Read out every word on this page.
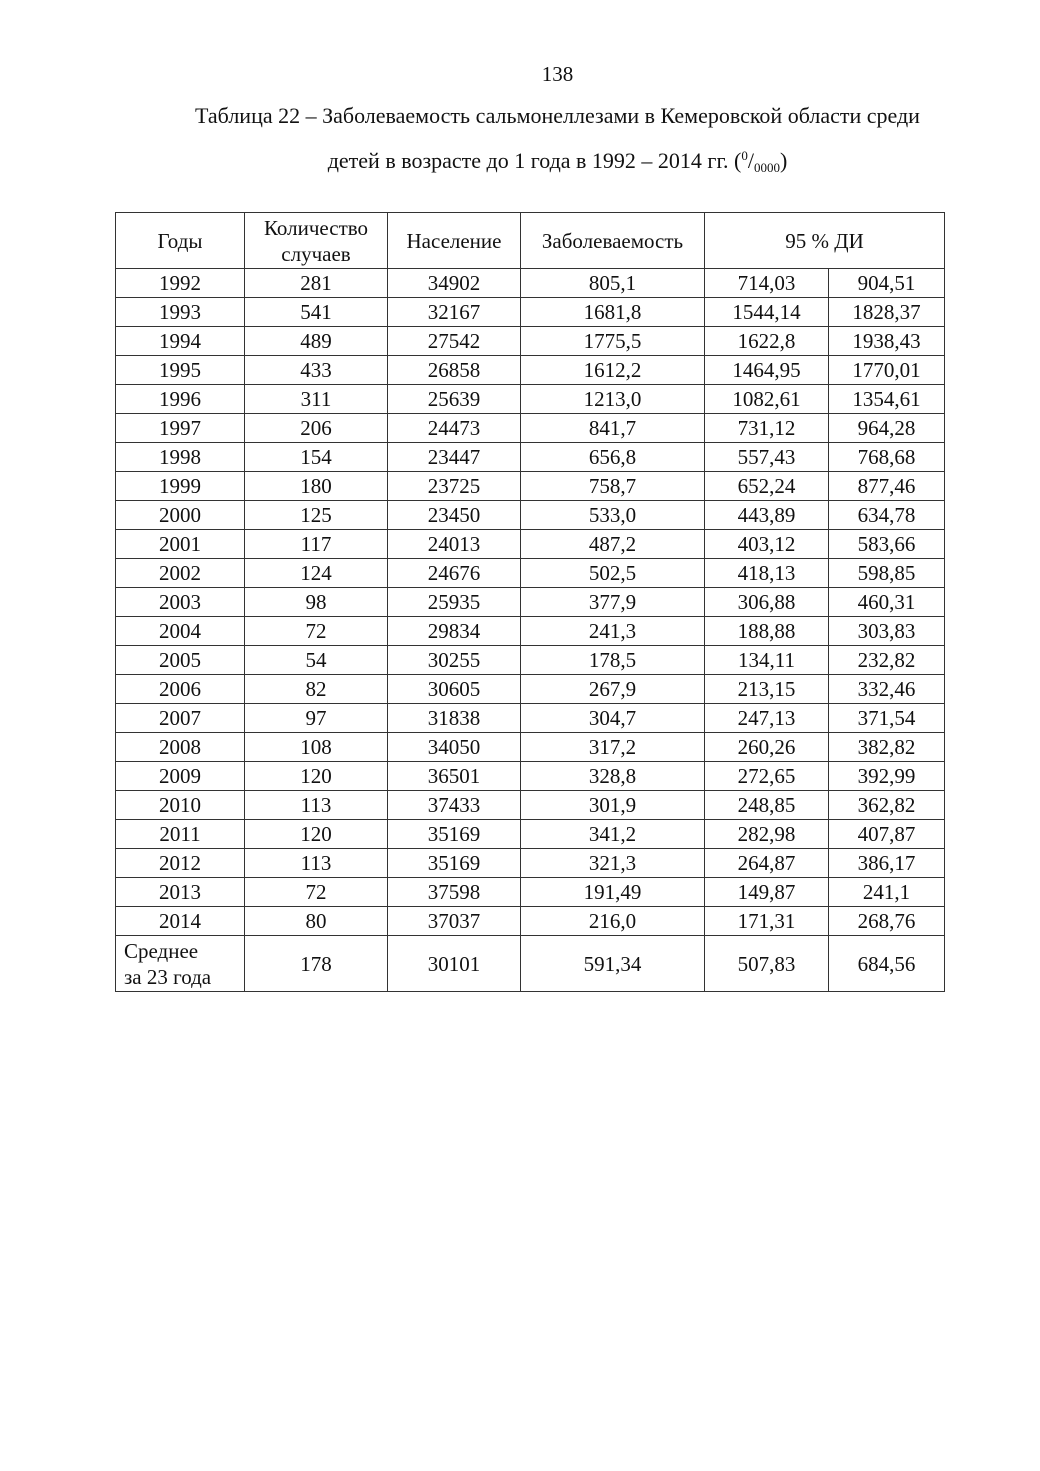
138
Таблица 22 – Заболеваемость сальмонеллезами в Кемеровской области среди
детей в возрасте до 1 года в 1992 – 2014 гг. $(^0/_{0000})$
Годы	Количество случаев	Население	Заболеваемость	95 % ДИ	
1992	281	34902	805,1	714,03	904,51
1993	541	32167	1681,8	1544,14	1828,37
1994	489	27542	1775,5	1622,8	1938,43
1995	433	26858	1612,2	1464,95	1770,01
1996	311	25639	1213,0	1082,61	1354,61
1997	206	24473	841,7	731,12	964,28
1998	154	23447	656,8	557,43	768,68
1999	180	23725	758,7	652,24	877,46
2000	125	23450	533,0	443,89	634,78
2001	117	24013	487,2	403,12	583,66
2002	124	24676	502,5	418,13	598,85
2003	98	25935	377,9	306,88	460,31
2004	72	29834	241,3	188,88	303,83
2005	54	30255	178,5	134,11	232,82
2006	82	30605	267,9	213,15	332,46
2007	97	31838	304,7	247,13	371,54
2008	108	34050	317,2	260,26	382,82
2009	120	36501	328,8	272,65	392,99
2010	113	37433	301,9	248,85	362,82
2011	120	35169	341,2	282,98	407,87
2012	113	35169	321,3	264,87	386,17
2013	72	37598	191,49	149,87	241,1
2014	80	37037	216,0	171,31	268,76

Среднее
за 23 года	178	30101	591,34	507,83	684,56
